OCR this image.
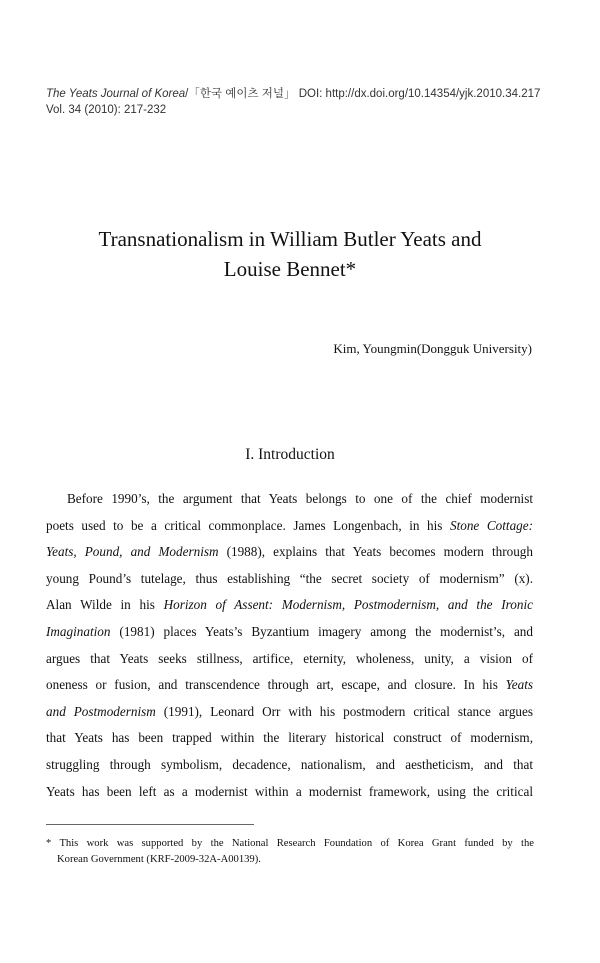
The Yeats Journal of Korea/「한국 예이츠 저널」 DOI: http://dx.doi.org/10.14354/yjk.2010.34.217
Vol. 34 (2010): 217-232
Transnationalism in William Butler Yeats and
Louise Bennet*
Kim, Youngmin(Dongguk University)
I. Introduction
Before 1990’s, the argument that Yeats belongs to one of the chief modernist
poets used to be a critical commonplace. James Longenbach, in his Stone Cottage:
Yeats, Pound, and Modernism (1988), explains that Yeats becomes modern through
young Pound’s tutelage, thus establishing “the secret society of modernism” (x).
Alan Wilde in his Horizon of Assent: Modernism, Postmodernism, and the Ironic
Imagination (1981) places Yeats’s Byzantium imagery among the modernist’s, and
argues that Yeats seeks stillness, artifice, eternity, wholeness, unity, a vision of
oneness or fusion, and transcendence through art, escape, and closure. In his Yeats
and Postmodernism (1991), Leonard Orr with his postmodern critical stance argues
that Yeats has been trapped within the literary historical construct of modernism,
struggling through symbolism, decadence, nationalism, and aestheticism, and that
Yeats has been left as a modernist within a modernist framework, using the critical
* This work was supported by the National Research Foundation of Korea Grant funded by the
Korean Government (KRF-2009-32A-A00139).
